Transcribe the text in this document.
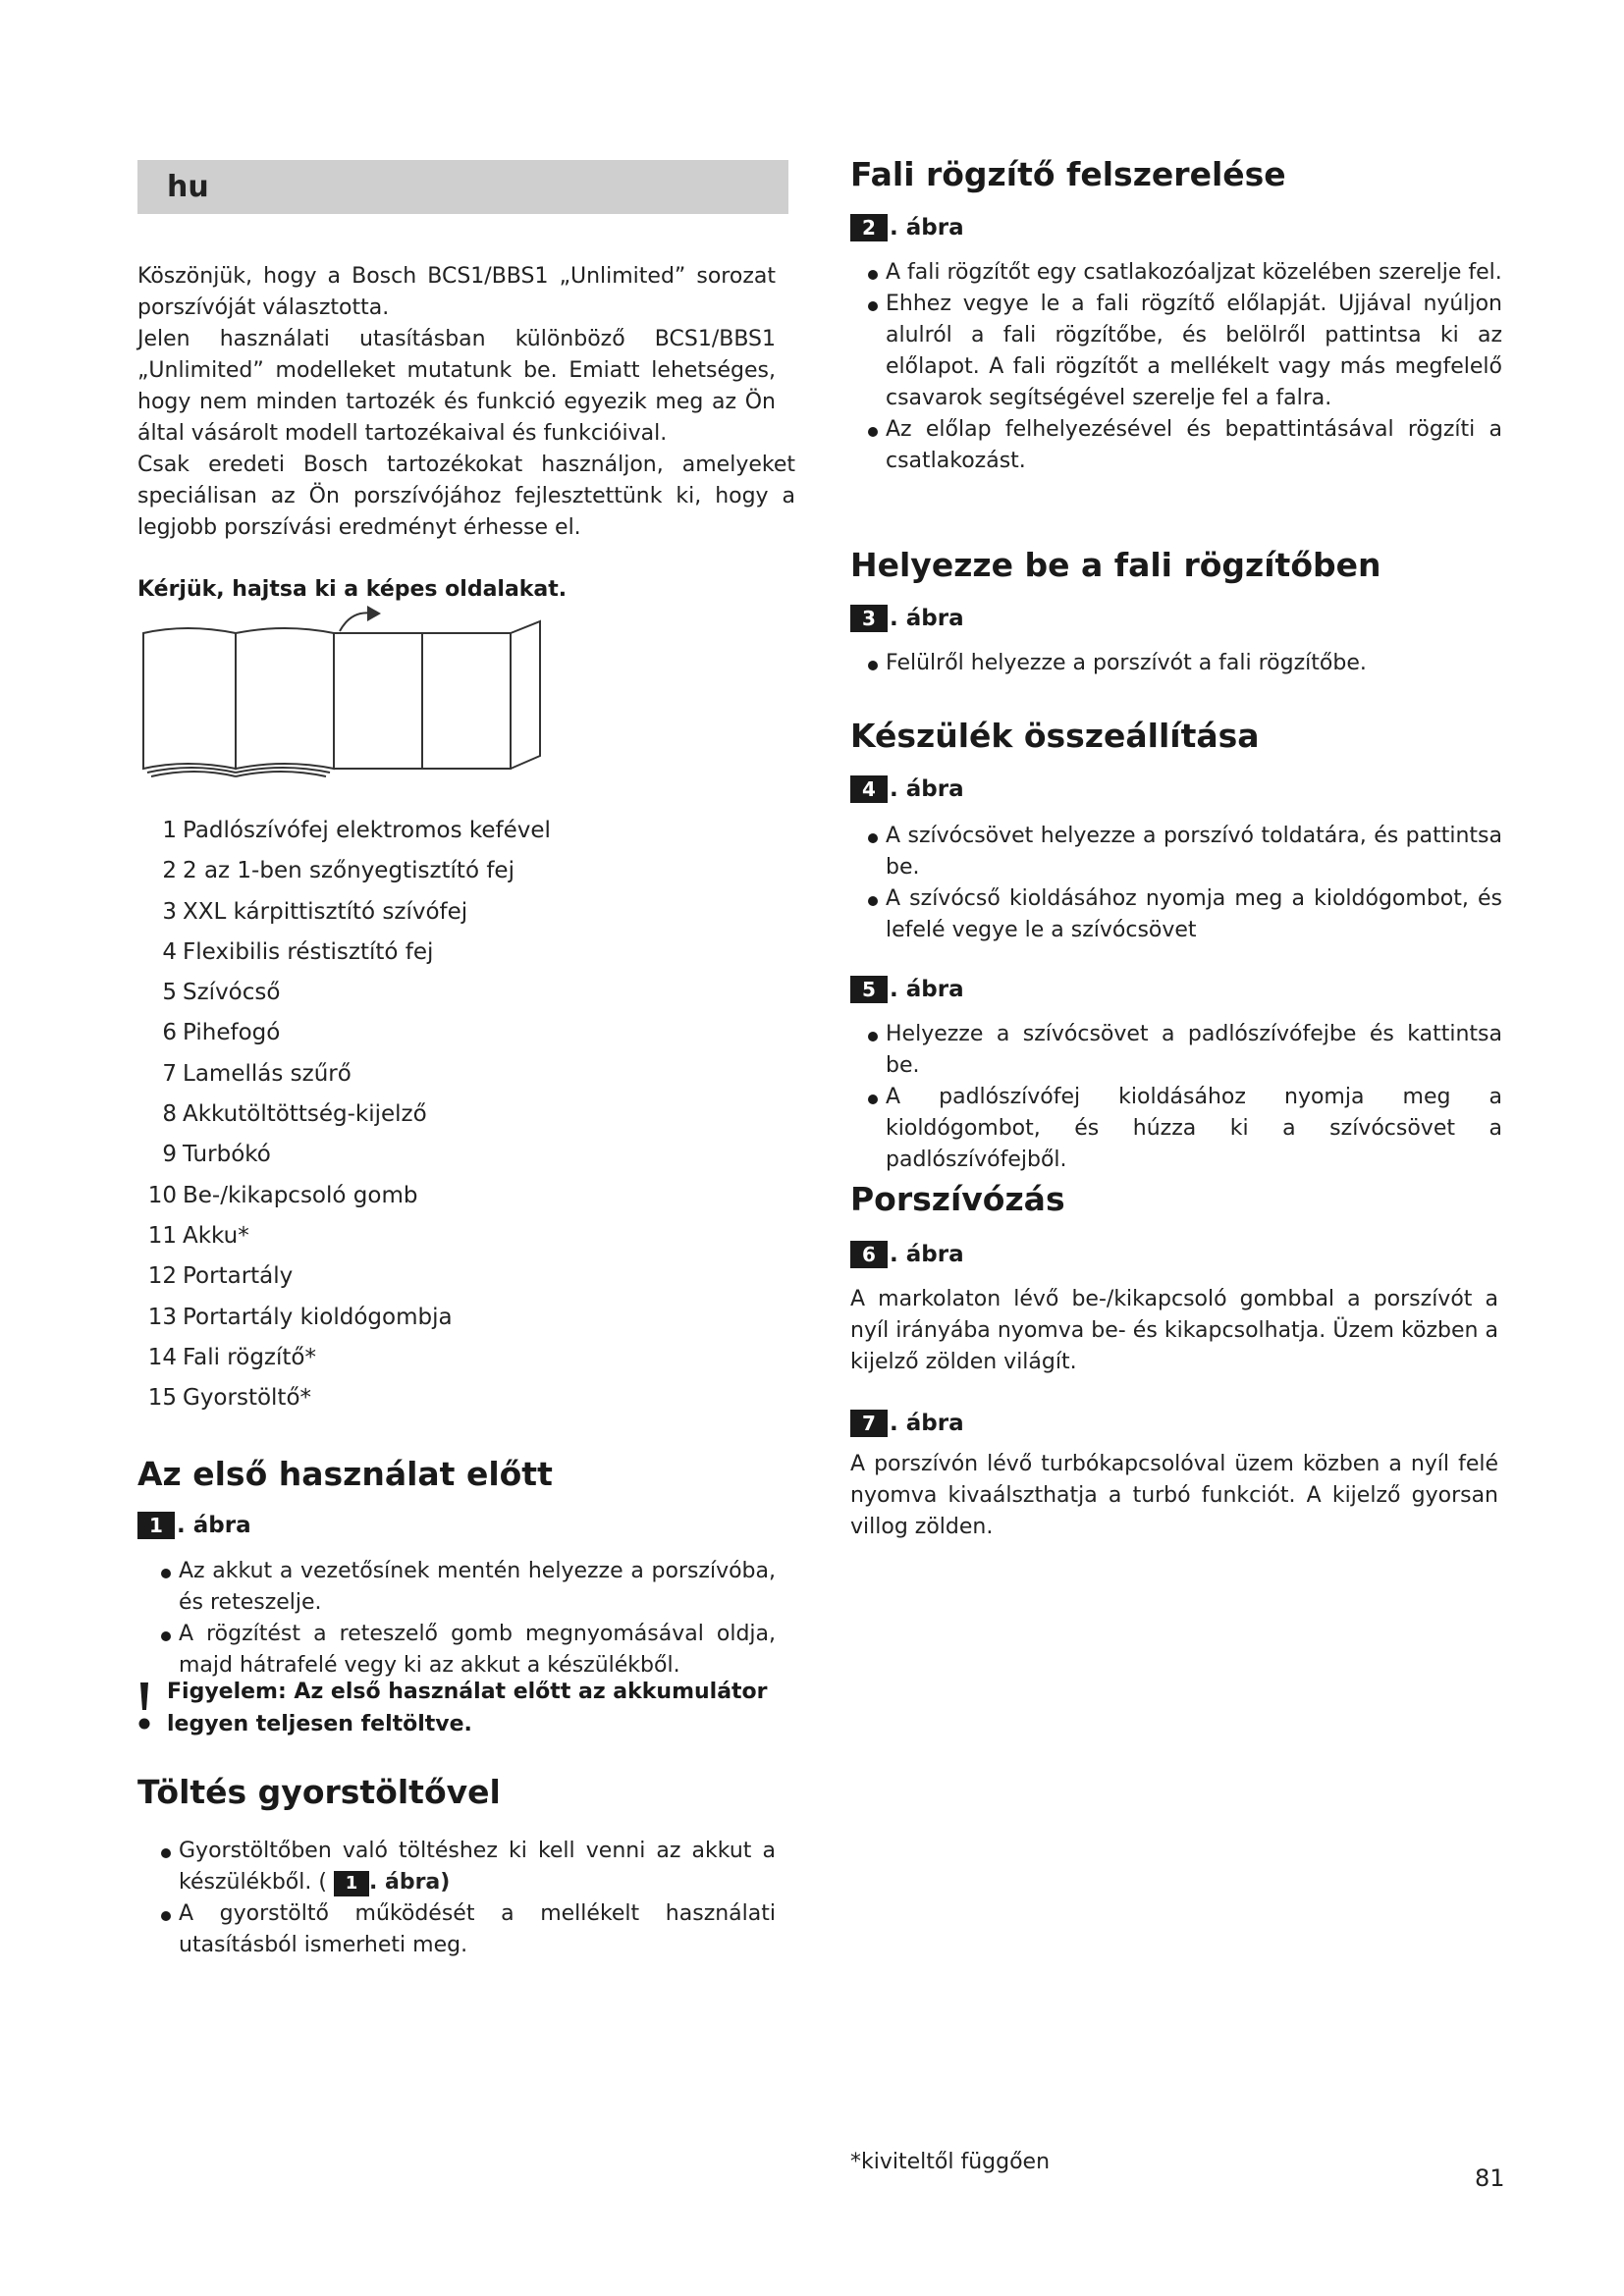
hu

Köszönjük, hogy a Bosch BCS1/BBS1 „Unlimited” sorozat porszívóját választotta.

Jelen használati utasításban különböző BCS1/BBS1 „Unlimited” modelleket mutatunk be. Emiatt lehetséges, hogy nem minden tartozék és funkció egyezik meg az Ön által vásárolt modell tartozékaival és funkcióival.

Csak eredeti Bosch tartozékokat használjon, amelyeket speciálisan az Ön porszívójához fejlesztettünk ki, hogy a legjobb porszívási eredményt érhesse el.

Kérjük, hajtsa ki a képes oldalakat.

1 Padlószívófej elektromos kefével
2 2 az 1-ben szőnyegtisztító fej
3 XXL kárpittisztító szívófej
4 Flexibilis réstisztító fej
5 Szívócső
6 Pihefogó
7 Lamellás szűrő
8 Akkutöltöttség-kijelző
9 Turbókó
10 Be-/kikapcsoló gomb
11 Akku*
12 Portartály
13 Portartály kioldógombja
14 Fali rögzítő*
15 Gyorstöltő*
Az első használat előtt
1 . ábra
Az akkut a vezetősínek mentén helyezze a porszívóba, és reteszelje.
A rögzítést a reteszelő gomb megnyomásával oldja, majd hátrafelé vegy ki az akkut a készülékből.
Figyelem: Az első használat előtt az akkumulátor
legyen teljesen feltöltve.
Töltés gyorstöltővel
Gyorstöltőben való töltéshez ki kell venni az akkut a készülékből. ( 1 . ábra)
A gyorstöltő működését a mellékelt használati utasításból ismerheti meg.
Fali rögzítő felszerelése
2 . ábra
A fali rögzítőt egy csatlakozóaljzat közelében szerelje fel.
Ehhez vegye le a fali rögzítő előlapját. Ujjával nyúljon alulról a fali rögzítőbe, és belölről pattintsa ki az előlapot. A fali rögzítőt a mellékelt vagy más megfelelő csavarok segítségével szerelje fel a falra.
Az előlap felhelyezésével és bepattintásával rögzíti a csatlakozást.
Helyezze be a fali rögzítőben
3 . ábra
Felülről helyezze a porszívót a fali rögzítőbe.
Készülék összeállítása
4 . ábra
A szívócsövet helyezze a porszívó toldatára, és pattintsa be.
A szívócső kioldásához nyomja meg a kioldógombot, és lefelé vegye le a szívócsövet
5 . ábra
Helyezze a szívócsövet a padlószívófejbe és kattintsa be.
A padlószívófej kioldásához nyomja meg a kioldógombot, és húzza ki a szívócsövet a padlószívófejből.
Porszívózás
6 . ábra

A markolaton lévő be-/kikapcsoló gombbal a porszívót a nyíl irányába nyomva be- és kikapcsolhatja. Üzem közben a kijelző zölden világít.

7 . ábra

A porszívón lévő turbókapcsolóval üzem közben a nyíl felé nyomva kivaálszthatja a turbó funkciót. A kijelző gyorsan villog zölden.

*kiviteltől függően
81
